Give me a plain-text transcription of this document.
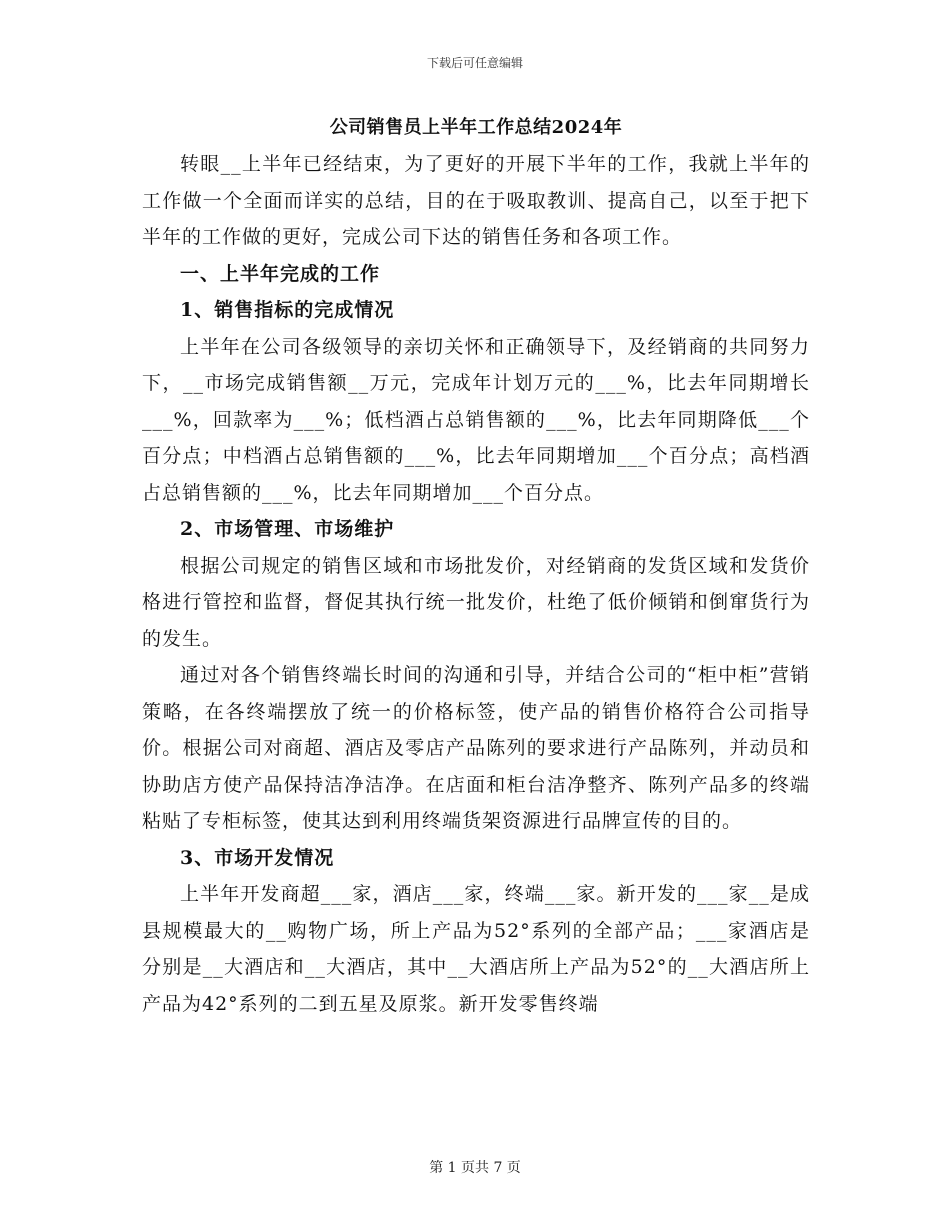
下载后可任意编辑
公司销售员上半年工作总结2024年

转眼__上半年已经结束，为了更好的开展下半年的工作，我就上半年的工作做一个全面而详实的总结，目的在于吸取教训、提高自己，以至于把下半年的工作做的更好，完成公司下达的销售任务和各项工作。

一、上半年完成的工作
1、销售指标的完成情况

上半年在公司各级领导的亲切关怀和正确领导下，及经销商的共同努力下，__市场完成销售额__万元，完成年计划万元的___%，比去年同期增长___%，回款率为___%；低档酒占总销售额的___%，比去年同期降低___个百分点；中档酒占总销售额的___%，比去年同期增加___个百分点；高档酒占总销售额的___%，比去年同期增加___个百分点。

2、市场管理、市场维护

根据公司规定的销售区域和市场批发价，对经销商的发货区域和发货价格进行管控和监督，督促其执行统一批发价，杜绝了低价倾销和倒窜货行为的发生。

通过对各个销售终端长时间的沟通和引导，并结合公司的“柜中柜”营销策略，在各终端摆放了统一的价格标签，使产品的销售价格符合公司指导价。根据公司对商超、酒店及零店产品陈列的要求进行产品陈列，并动员和协助店方使产品保持洁净洁净。在店面和柜台洁净整齐、陈列产品多的终端粘贴了专柜标签，使其达到利用终端货架资源进行品牌宣传的目的。

3、市场开发情况

上半年开发商超___家，酒店___家，终端___家。新开发的___家__是成县规模最大的__购物广场，所上产品为52°系列的全部产品；___家酒店是分别是__大酒店和__大酒店，其中__大酒店所上产品为52°的__大酒店所上产品为42°系列的二到五星及原浆。新开发零售终端

第 1 页共 7 页
